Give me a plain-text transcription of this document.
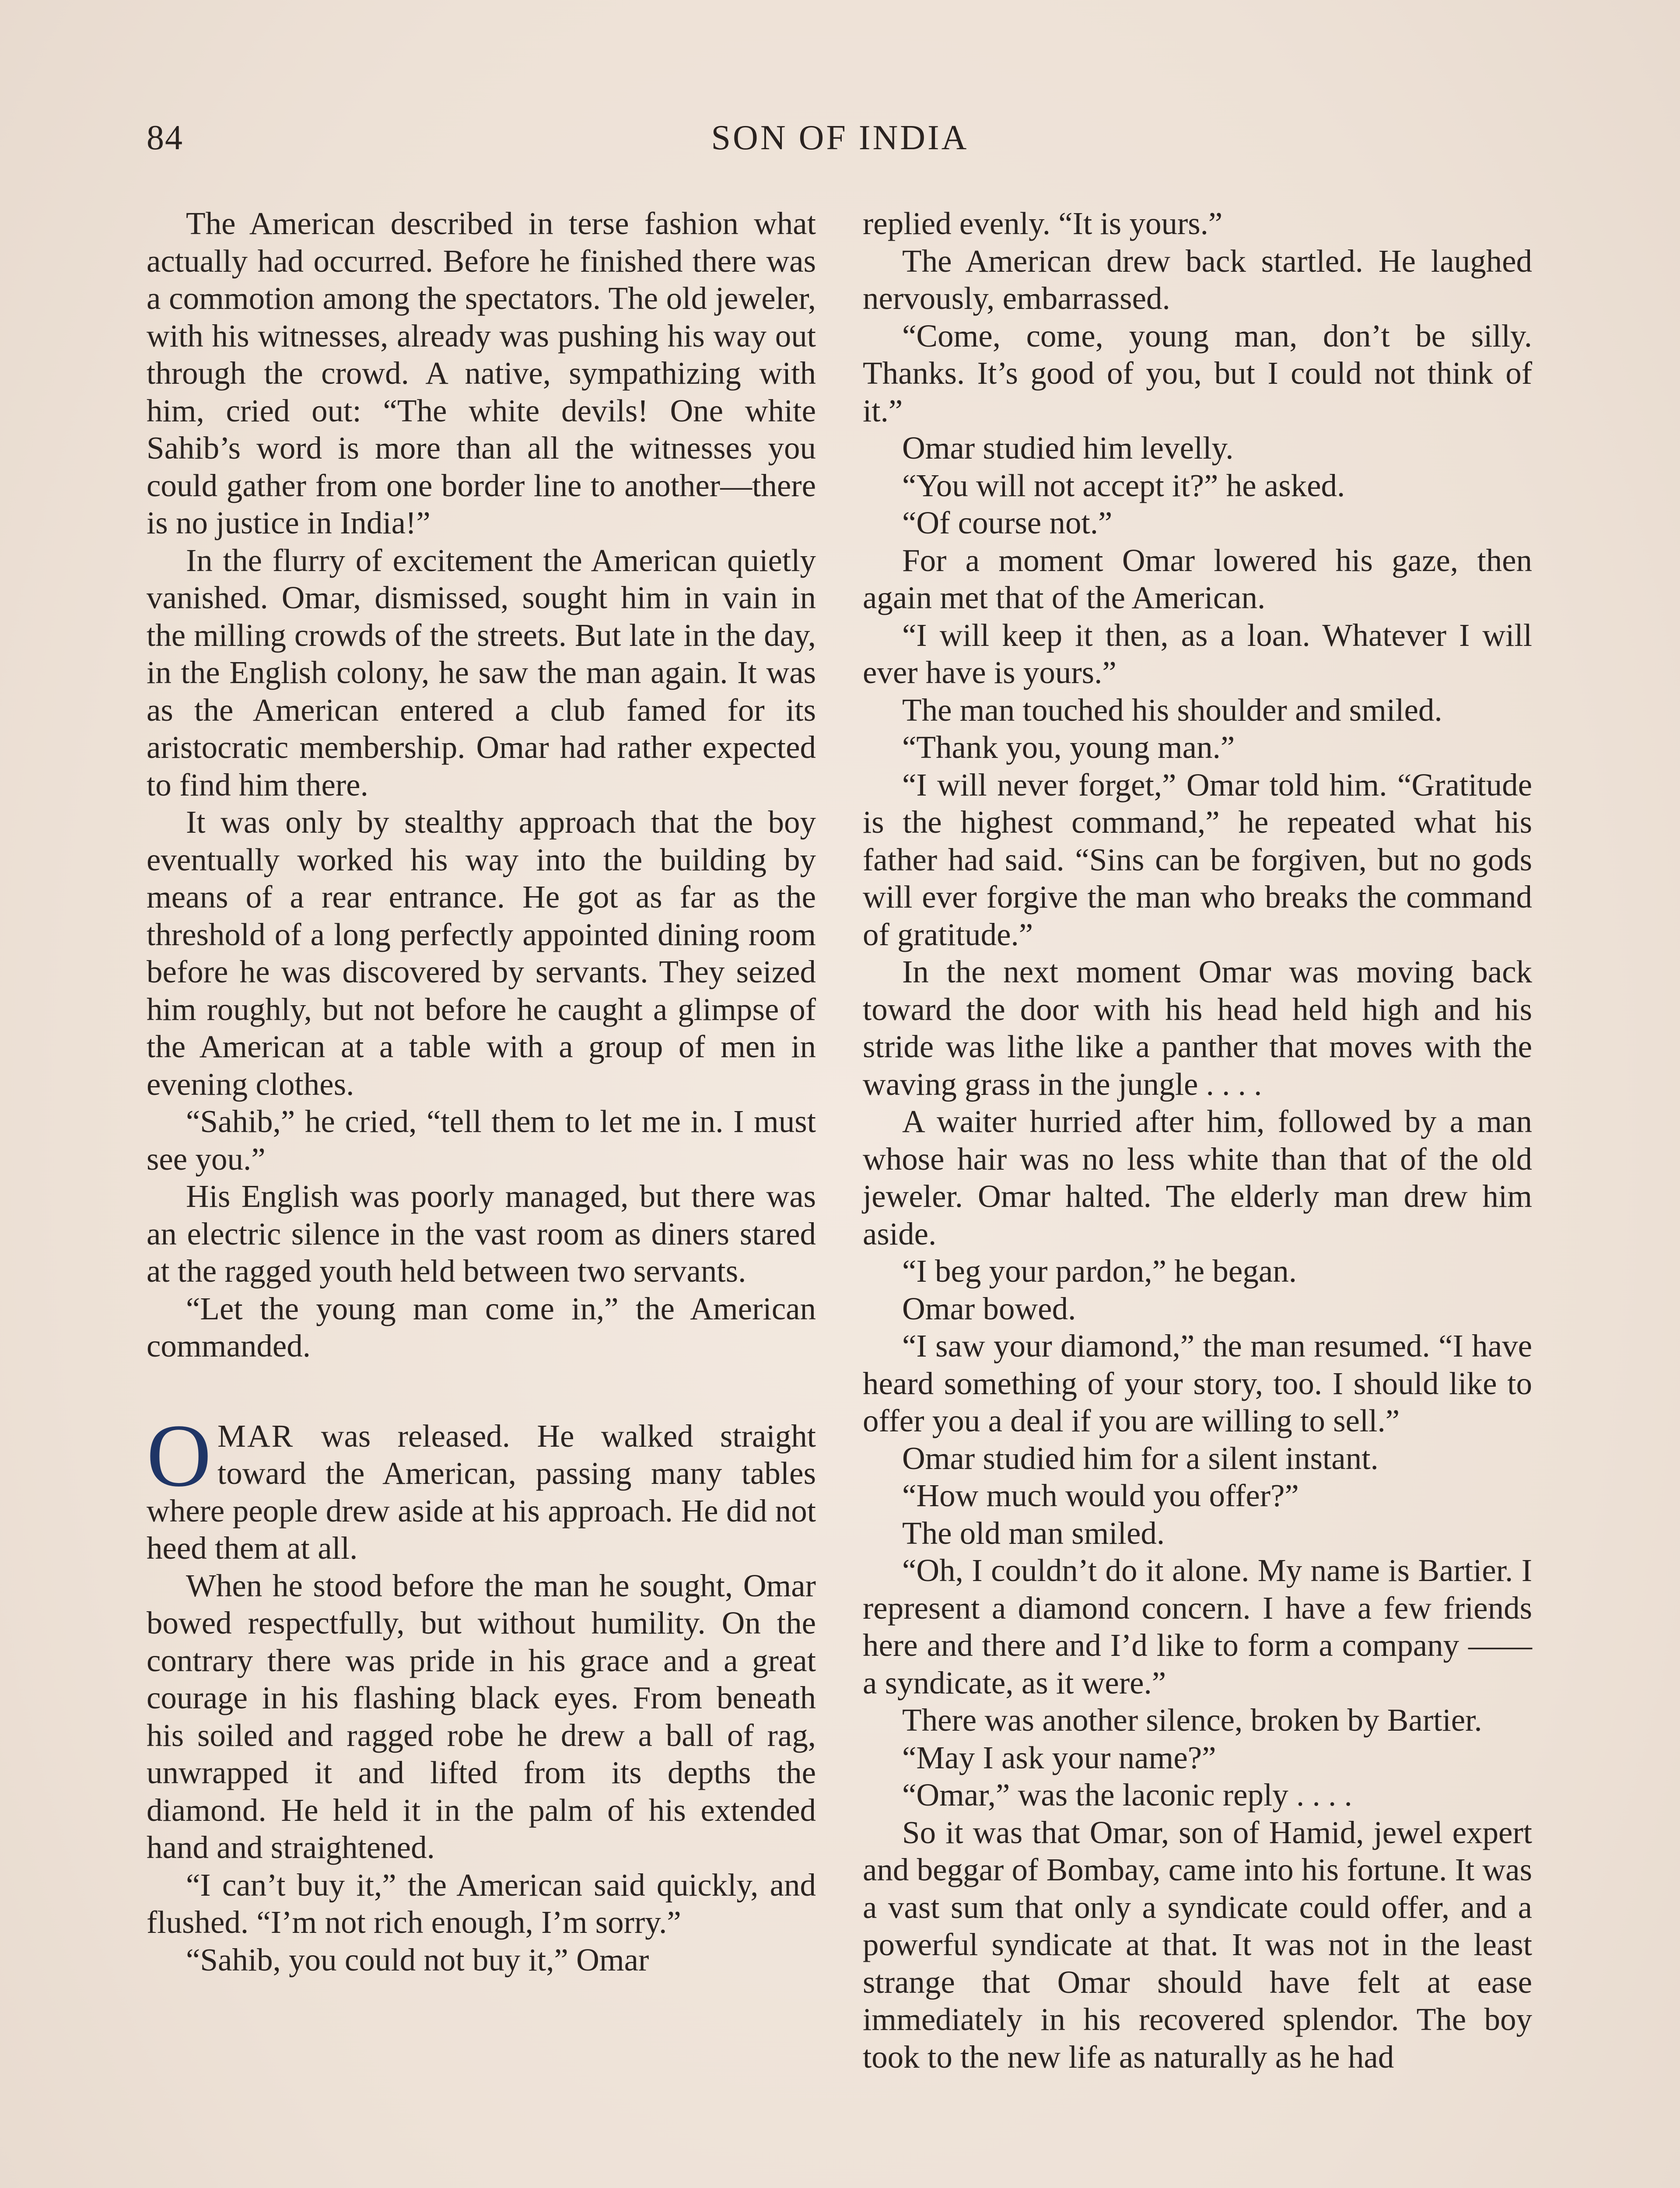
84	SON OF INDIA

The American described in terse fashion what actually had occurred. Before he finished there was a commotion among the spectators. The old jeweler, with his witnesses, already was pushing his way out through the crowd. A native, sympathizing with him, cried out: “The white devils! One white Sahib’s word is more than all the witnesses you could gather from one border line to another—there is no justice in India!”

In the flurry of excitement the American quietly vanished. Omar, dismissed, sought him in vain in the milling crowds of the streets. But late in the day, in the English colony, he saw the man again. It was as the American entered a club famed for its aristocratic membership. Omar had rather expected to find him there.

It was only by stealthy approach that the boy eventually worked his way into the building by means of a rear entrance. He got as far as the threshold of a long perfectly appointed dining room before he was discovered by servants. They seized him roughly, but not before he caught a glimpse of the American at a table with a group of men in evening clothes.

“Sahib,” he cried, “tell them to let me in. I must see you.”

His English was poorly managed, but there was an electric silence in the vast room as diners stared at the ragged youth held between two servants.

“Let the young man come in,” the American commanded.

OMAR was released. He walked straight toward the American, passing many tables where people drew aside at his approach. He did not heed them at all.

When he stood before the man he sought, Omar bowed respectfully, but without humility. On the contrary there was pride in his grace and a great courage in his flashing black eyes. From beneath his soiled and ragged robe he drew a ball of rag, unwrapped it and lifted from its depths the diamond. He held it in the palm of his extended hand and straightened.

“I can’t buy it,” the American said quickly, and flushed. “I’m not rich enough, I’m sorry.”

“Sahib, you could not buy it,” Omar

replied evenly. “It is yours.”

The American drew back startled. He laughed nervously, embarrassed.

“Come, come, young man, don’t be silly. Thanks. It’s good of you, but I could not think of it.”

Omar studied him levelly.

“You will not accept it?” he asked.

“Of course not.”

For a moment Omar lowered his gaze, then again met that of the American.

“I will keep it then, as a loan. Whatever I will ever have is yours.”

The man touched his shoulder and smiled.

“Thank you, young man.”

“I will never forget,” Omar told him. “Gratitude is the highest command,” he repeated what his father had said. “Sins can be forgiven, but no gods will ever forgive the man who breaks the command of gratitude.”

In the next moment Omar was moving back toward the door with his head held high and his stride was lithe like a panther that moves with the waving grass in the jungle . . . .

A waiter hurried after him, followed by a man whose hair was no less white than that of the old jeweler. Omar halted. The elderly man drew him aside.

“I beg your pardon,” he began.

Omar bowed.

“I saw your diamond,” the man resumed. “I have heard something of your story, too. I should like to offer you a deal if you are willing to sell.”

Omar studied him for a silent instant.

“How much would you offer?”

The old man smiled.

“Oh, I couldn’t do it alone. My name is Bartier. I represent a diamond concern. I have a few friends here and there and I’d like to form a company ——a syndicate, as it were.”

There was another silence, broken by Bartier.

“May I ask your name?”

“Omar,” was the laconic reply . . . .

So it was that Omar, son of Hamid, jewel expert and beggar of Bombay, came into his fortune. It was a vast sum that only a syndicate could offer, and a powerful syndicate at that. It was not in the least strange that Omar should have felt at ease immediately in his recovered splendor. The boy took to the new life as naturally as he had
